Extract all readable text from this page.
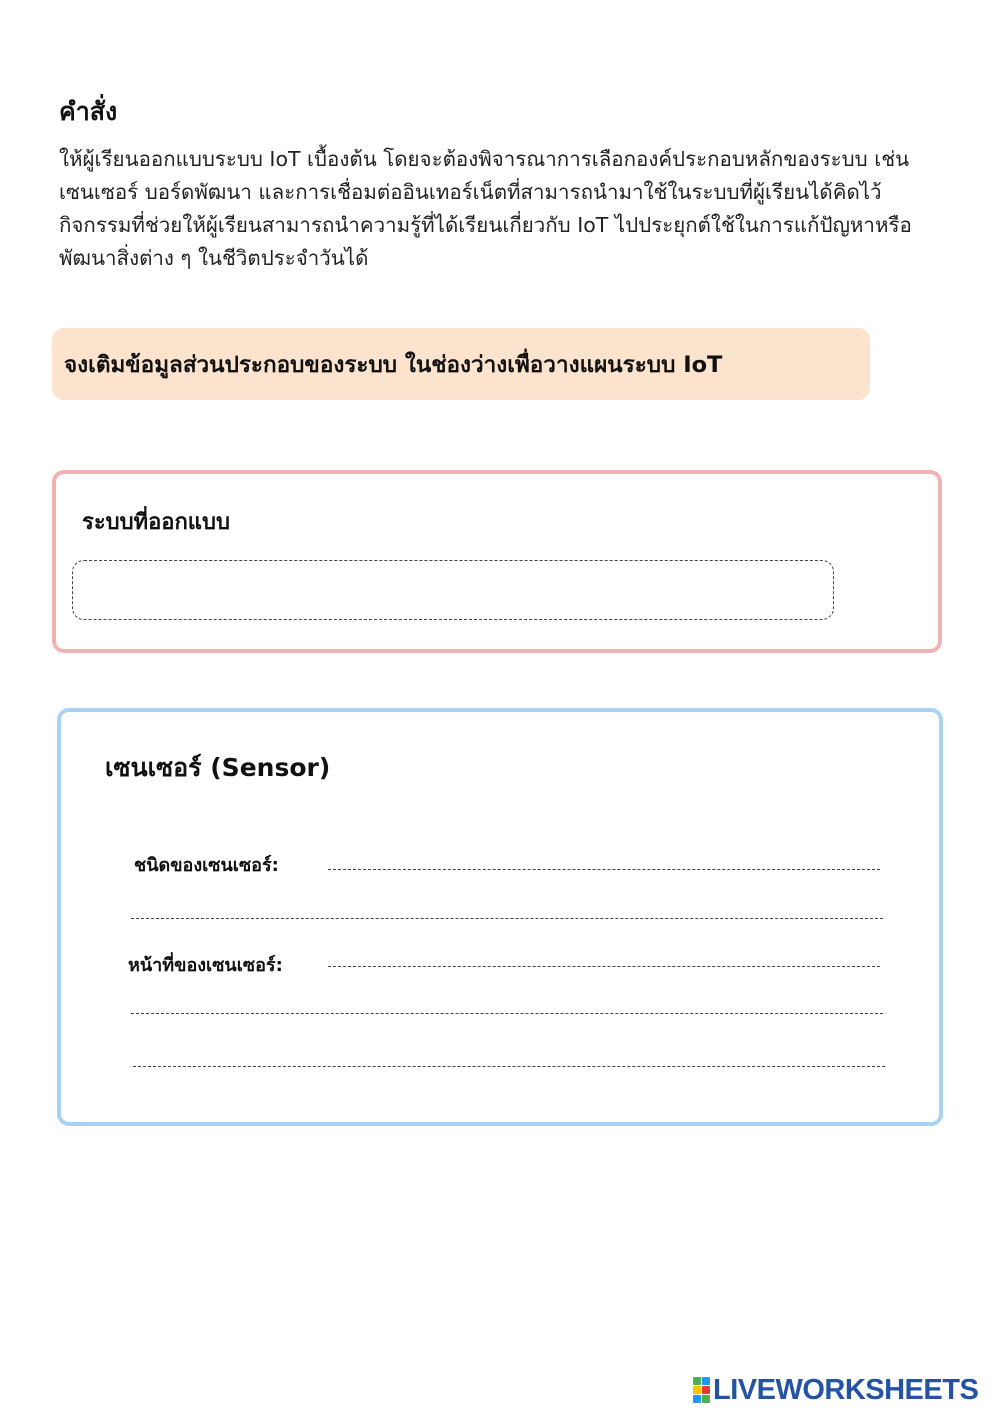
คำสั่ง
ให้ผู้เรียนออกแบบระบบ IoT เบื้องต้น โดยจะต้องพิจารณาการเลือกองค์ประกอบหลักของระบบ เช่น เซนเซอร์ บอร์ดพัฒนา และการเชื่อมต่ออินเทอร์เน็ตที่สามารถนำมาใช้ในระบบที่ผู้เรียนได้คิดไว้ กิจกรรมที่ช่วยให้ผู้เรียนสามารถนำความรู้ที่ได้เรียนเกี่ยวกับ IoT ไปประยุกต์ใช้ในการแก้ปัญหาหรือพัฒนาสิ่งต่าง ๆ ในชีวิตประจำวันได้
จงเติมข้อมูลส่วนประกอบของระบบ ในช่องว่างเพื่อวางแผนระบบ IoT
ระบบที่ออกแบบ
เซนเซอร์ (Sensor)
ชนิดของเซนเซอร์:
หน้าที่ของเซนเซอร์:
LIVEWORKSHEETS
